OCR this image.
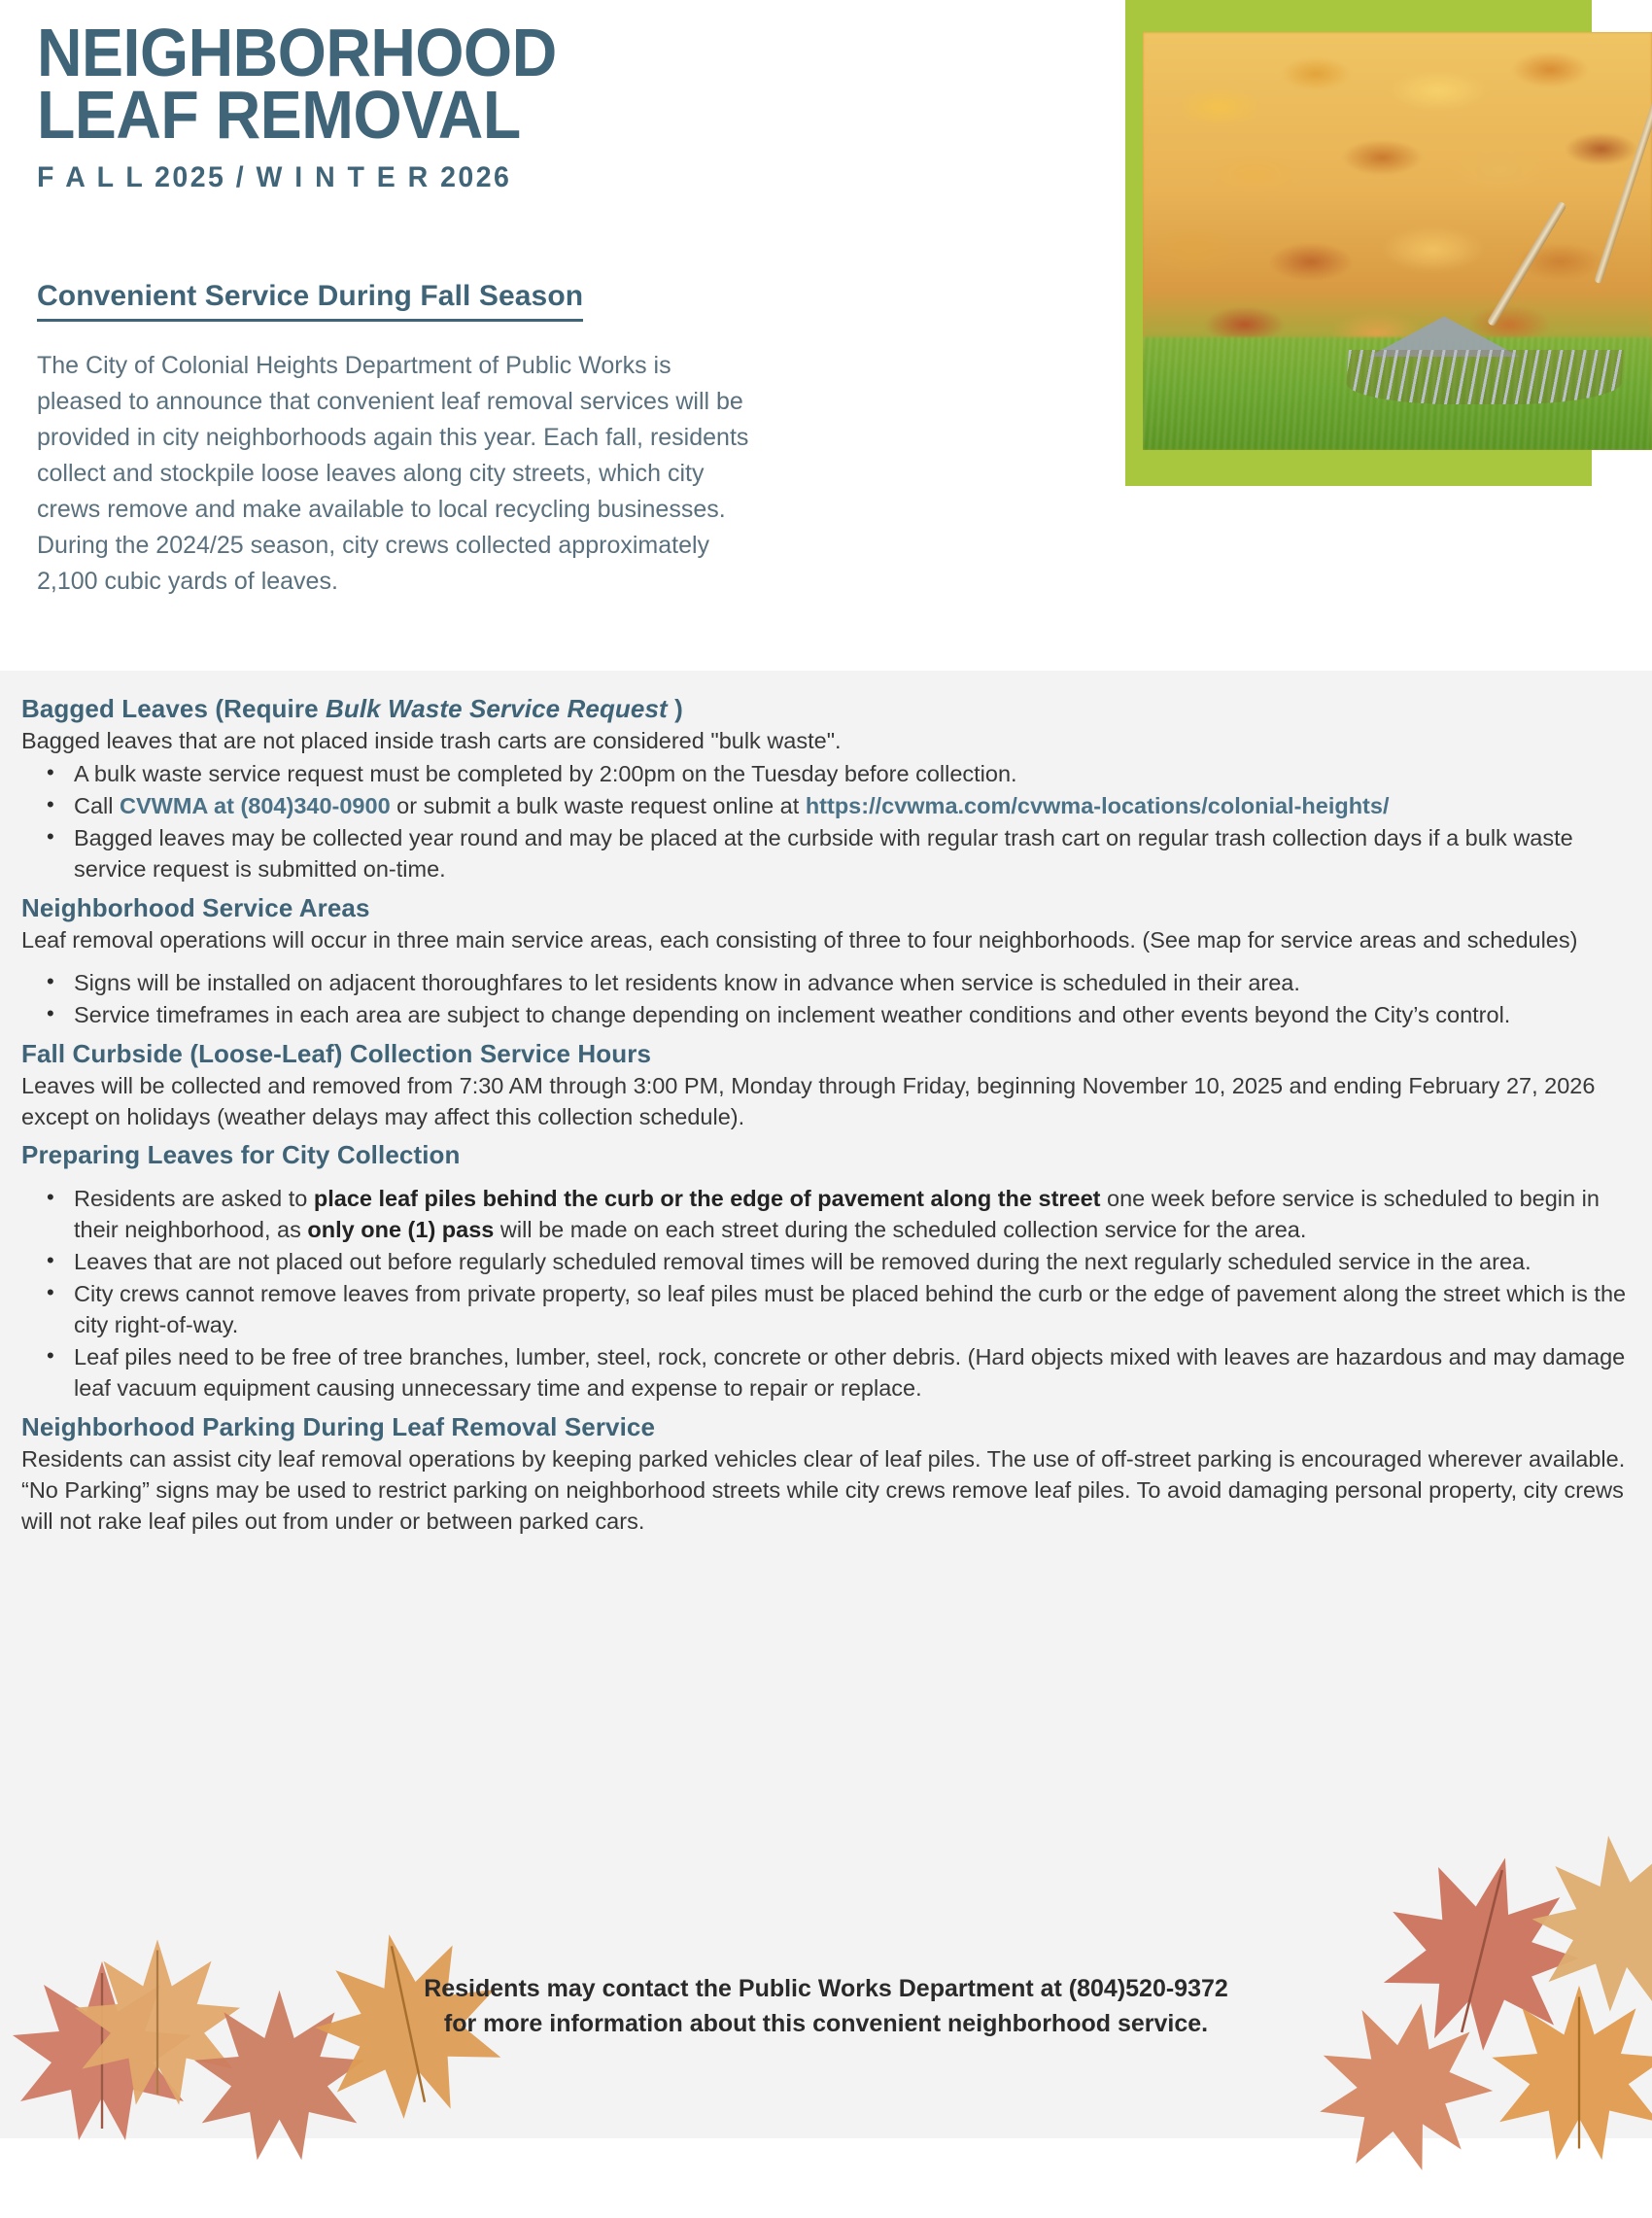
NEIGHBORHOOD
LEAF REMOVAL
F A L L 2025 / W I N T E R 2026
Convenient Service During Fall Season
The City of Colonial Heights Department of Public Works is pleased to announce that convenient leaf removal services will be provided in city neighborhoods again this year. Each fall, residents collect and stockpile loose leaves along city streets, which city crews remove and make available to local recycling businesses. During the 2024/25 season, city crews collected approximately 2,100 cubic yards of leaves.
Bagged Leaves (Require Bulk Waste Service Request )

Bagged leaves that are not placed inside trash carts are considered "bulk waste".

• A bulk waste service request must be completed by 2:00pm on the Tuesday before collection.
• Call CVWMA at (804)340-0900 or submit a bulk waste request online at https://cvwma.com/cvwma-locations/colonial-heights/
• Bagged leaves may be collected year round and may be placed at the curbside with regular trash cart on regular trash collection days if a bulk waste service request is submitted on-time.
Neighborhood Service Areas

Leaf removal operations will occur in three main service areas, each consisting of three to four neighborhoods. (See map for service areas and schedules)

• Signs will be installed on adjacent thoroughfares to let residents know in advance when service is scheduled in their area.
• Service timeframes in each area are subject to change depending on inclement weather conditions and other events beyond the City’s control.
Fall Curbside (Loose-Leaf) Collection Service Hours

Leaves will be collected and removed from 7:30 AM through 3:00 PM, Monday through Friday, beginning November 10, 2025 and ending February 27, 2026 except on holidays (weather delays may affect this collection schedule).

Preparing Leaves for City Collection
• Residents are asked to place leaf piles behind the curb or the edge of pavement along the street one week before service is scheduled to begin in their neighborhood, as only one (1) pass will be made on each street during the scheduled collection service for the area.
• Leaves that are not placed out before regularly scheduled removal times will be removed during the next regularly scheduled service in the area.
• City crews cannot remove leaves from private property, so leaf piles must be placed behind the curb or the edge of pavement along the street which is the city right-of-way.
• Leaf piles need to be free of tree branches, lumber, steel, rock, concrete or other debris. (Hard objects mixed with leaves are hazardous and may damage leaf vacuum equipment causing unnecessary time and expense to repair or replace.
Neighborhood Parking During Leaf Removal Service

Residents can assist city leaf removal operations by keeping parked vehicles clear of leaf piles. The use of off-street parking is encouraged wherever available. “No Parking” signs may be used to restrict parking on neighborhood streets while city crews remove leaf piles. To avoid damaging personal property, city crews will not rake leaf piles out from under or between parked cars.

Residents may contact the Public Works Department at (804)520-9372
for more information about this convenient neighborhood service.
